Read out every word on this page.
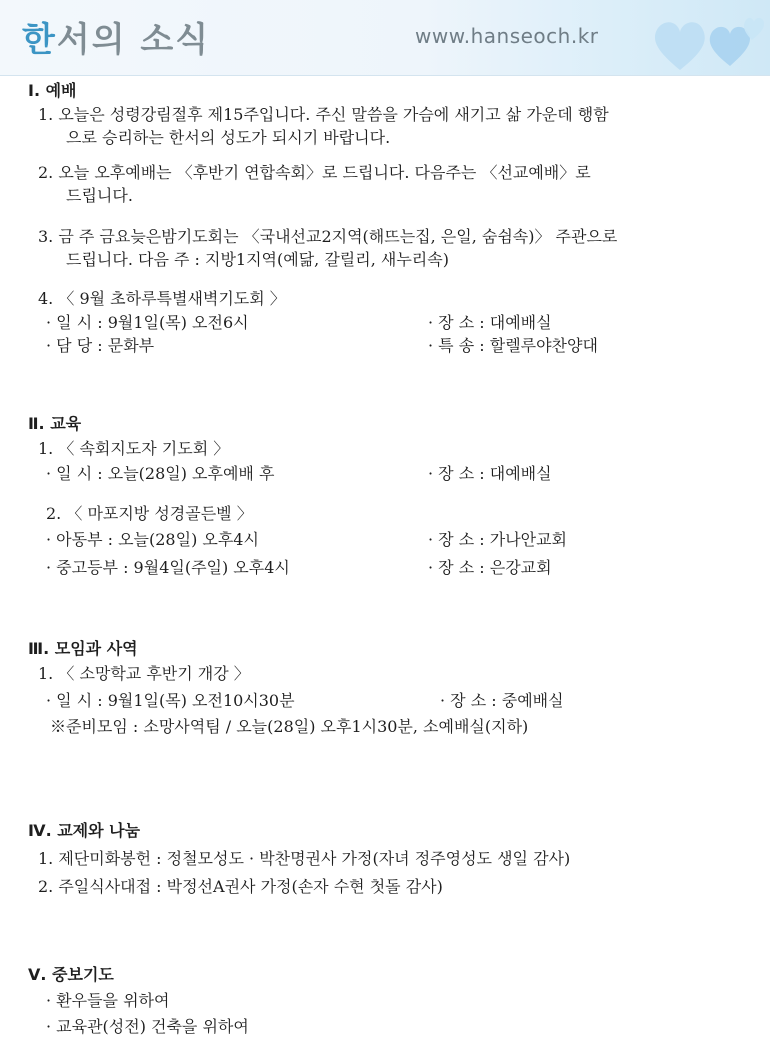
한서의 소식	www.hanseoch.kr
Ⅰ. 예배
1. 오늘은 성령강림절후 제15주입니다. 주신 말씀을 가슴에 새기고 삶 가운데 행함
으로 승리하는 한서의 성도가 되시기 바랍니다.
2. 오늘 오후예배는 〈후반기 연합속회〉로 드립니다. 다음주는 〈선교예배〉로
드립니다.
3. 금 주 금요늦은밤기도회는 〈국내선교2지역(해뜨는집, 은일, 숨쉼속)〉 주관으로
드립니다. 다음 주 : 지방1지역(예닮, 갈릴리, 새누리속)
4. 〈 9월 초하루특별새벽기도회 〉
· 일 시 : 9월1일(목) 오전6시	· 장 소 : 대예배실
· 담 당 : 문화부	· 특 송 : 할렐루야찬양대
Ⅱ. 교육
1. 〈 속회지도자 기도회 〉
· 일 시 : 오늘(28일) 오후예배 후	· 장 소 : 대예배실
2. 〈 마포지방 성경골든벨 〉
· 아동부 : 오늘(28일) 오후4시	· 장 소 : 가나안교회
· 중고등부 : 9월4일(주일) 오후4시	· 장 소 : 은강교회
Ⅲ. 모임과 사역
1. 〈 소망학교 후반기 개강 〉
· 일 시 : 9월1일(목) 오전10시30분	· 장 소 : 중예배실
※준비모임 : 소망사역팀 / 오늘(28일) 오후1시30분, 소예배실(지하)
Ⅳ. 교제와 나눔
1. 제단미화봉헌 : 정철모성도 · 박찬명권사 가정(자녀 정주영성도 생일 감사)
2. 주일식사대접 : 박정선A권사 가정(손자 수현 첫돌 감사)
Ⅴ. 중보기도
· 환우들을 위하여
· 교육관(성전) 건축을 위하여
